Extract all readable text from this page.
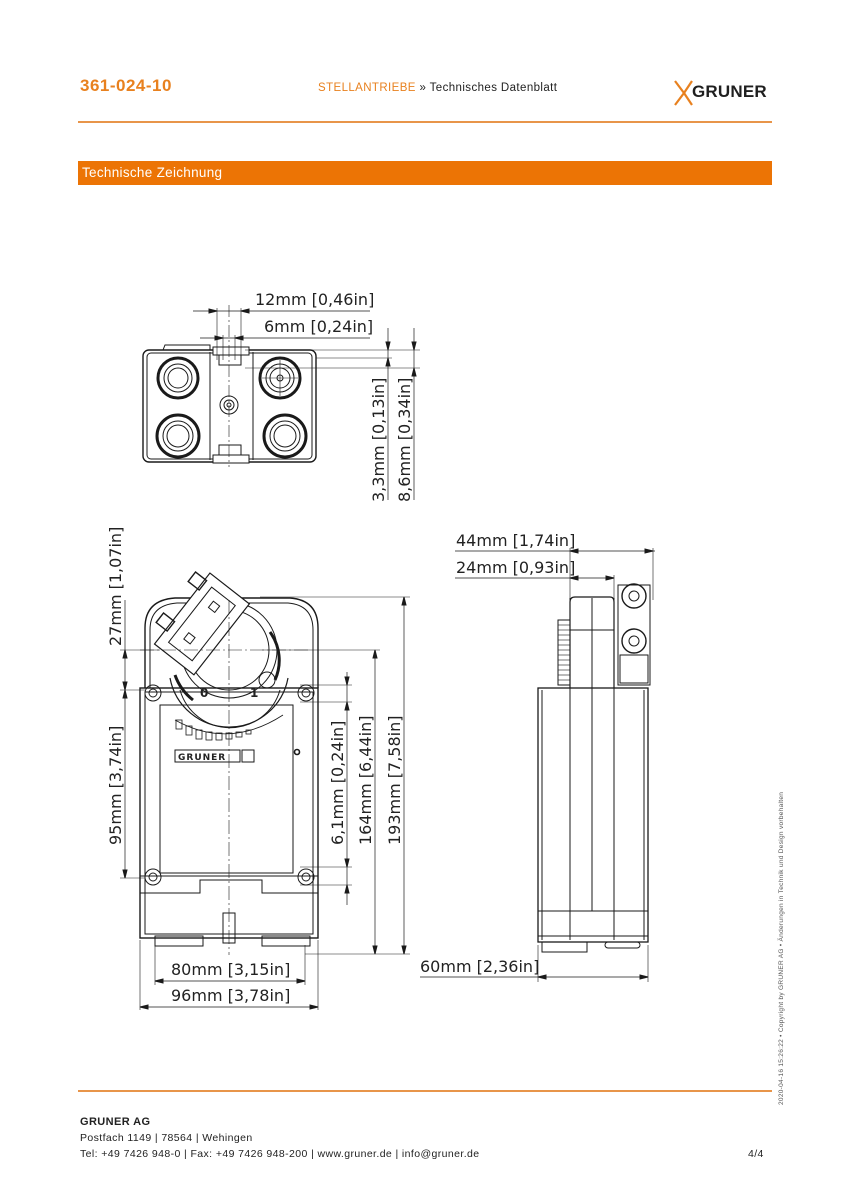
361-024-10	STELLANTRIEBE » Technisches Datenblatt	GRUNER
Technische Zeichnung
12mm [0,46in]
6mm [0,24in]
3,3mm [0,13in]
8,6mm [0,34in]
27mm [1,07in]
95mm [3,74in]
6,1mm [0,24in]
164mm [6,44in]
193mm [7,58in]
80mm [3,15in]
96mm [3,78in]
44mm [1,74in]
24mm [0,93in]
60mm [2,36in]
0	1
GRUNER
2020-04-16 15:26:22 • Copyright by GRUNER AG • Änderungen in Technik und Design vorbehalten
GRUNER AG
Postfach 1149 | 78564 | Wehingen
Tel: +49 7426 948-0 | Fax: +49 7426 948-200 | www.gruner.de | info@gruner.de	4/4
